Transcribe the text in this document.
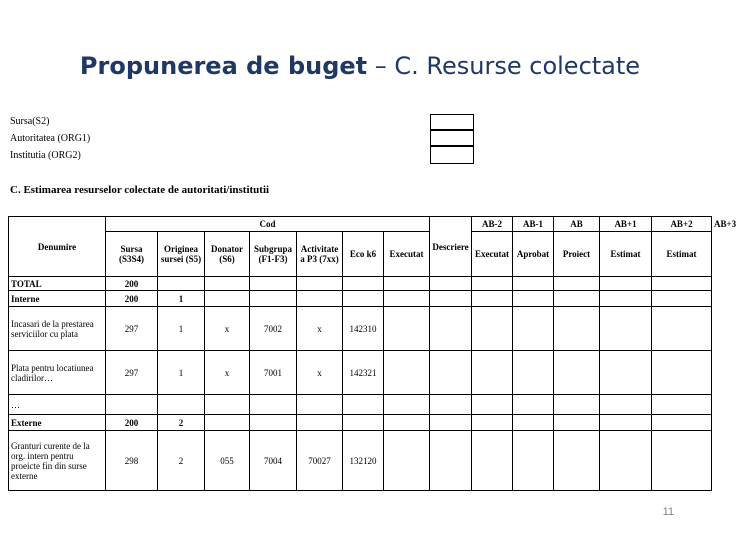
Propunerea de buget – C. Resurse colectate
Sursa(S2)
Autoritatea (ORG1)
Institutia (ORG2)
C. Estimarea resurselor colectate de autoritati/institutii
Denumire	Cod							Descriere	AB-2	AB-1	AB	AB+1	AB+2	AB+3
	Sursa (S3S4)	Originea sursei (S5)	Donator (S6)	Subgrupa (F1-F3)	Activitate a P3 (7xx)	Eco k6	Executat		Executat	Aprobat	Proiect	Estimat	Estimat	
TOTAL	200													
Interne	200	1												
Incasari de la prestarea serviciilor cu plata	297	1	x	7002	x	142310								
Plata pentru locatiunea cladirilor…	297	1	x	7001	x	142321								
…														
Externe	200	2												
Granturi curente de la org. intern pentru proeicte fin din surse externe	298	2	055	7004	70027	132120								
11
